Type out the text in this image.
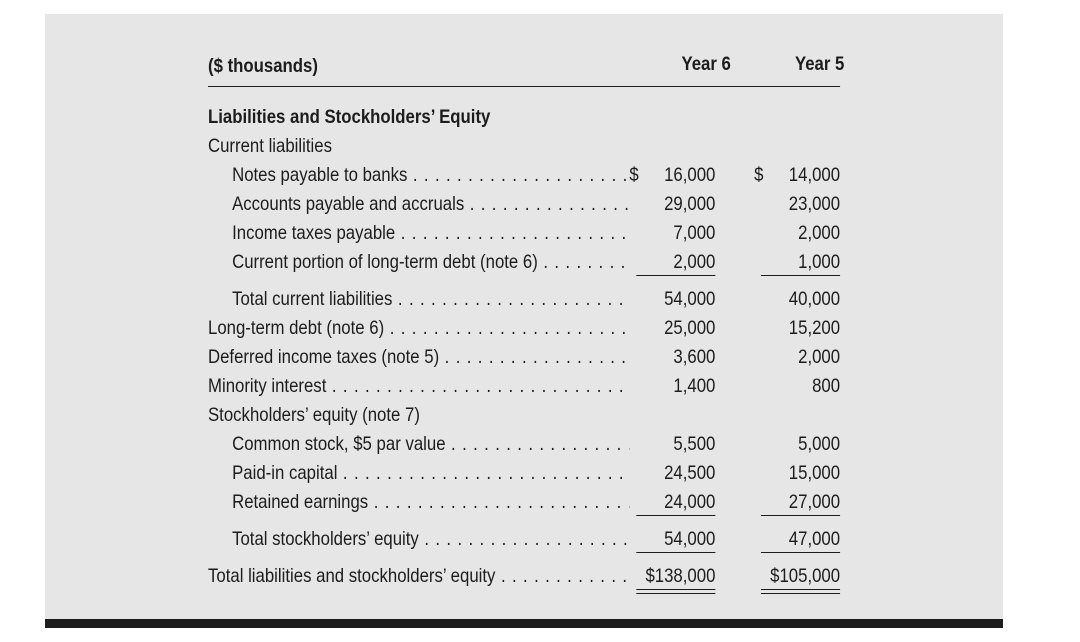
($ thousands)	Year 6	Year 5
Liabilities and Stockholders’ Equity
Current liabilities
Notes payable to banks . . .	$ 16,000 $ 14,000
Accounts payable and accruals . . .	29,000	23,000
Income taxes payable . . .	7,000	2,000
Current portion of long-term debt (note 6) . . .	2,000	1,000
Total current liabilities . . .	54,000	40,000
Long-term debt (note 6) . . .	25,000	15,200
Deferred income taxes (note 5) . . .	3,600	2,000
Minority interest . . .	1,400	800
Stockholders’ equity (note 7)
Common stock, $5 par value . . .	5,500	5,000
Paid-in capital . . .	24,500	15,000
Retained earnings . . .	24,000	27,000
Total stockholders’ equity . . .	54,000	47,000
Total liabilities and stockholders’ equity . . .	$138,000	$105,000
